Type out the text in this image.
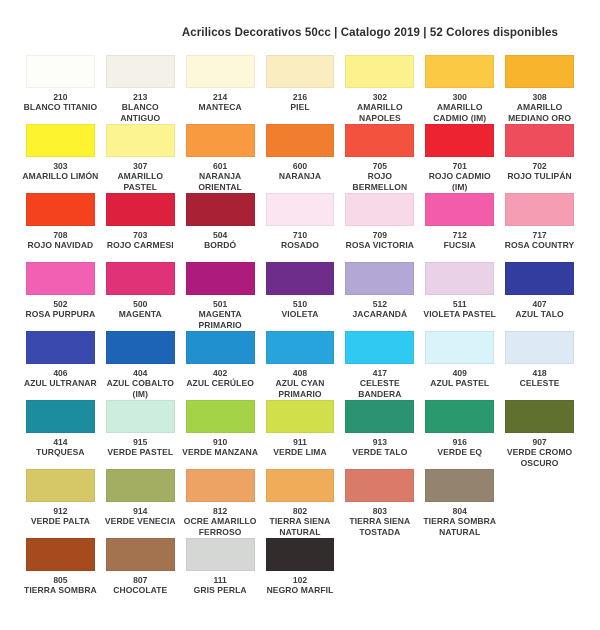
Acrilicos Decorativos 50cc | Catalogo 2019 | 52 Colores disponibles
210
BLANCO TITANIO
213
BLANCO ANTIGUO
214
MANTECA
216
PIEL
302
AMARILLO NAPOLES
300
AMARILLO CADMIO (IM)
308
AMARILLO MEDIANO ORO
303
AMARILLO LIMÓN
307
AMARILLO PASTEL
601
NARANJA ORIENTAL
600
NARANJA
705
ROJO BERMELLON
701
ROJO CADMIO (IM)
702
ROJO TULIPÁN
708
ROJO NAVIDAD
703
ROJO CARMESI
504
BORDÓ
710
ROSADO
709
ROSA VICTORIA
712
FUCSIA
717
ROSA COUNTRY
502
ROSA PURPURA
500
MAGENTA
501
MAGENTA PRIMARIO
510
VIOLETA
512
JACARANDÁ
511
VIOLETA PASTEL
407
AZUL TALO
406
AZUL ULTRANAR
404
AZUL COBALTO (IM)
402
AZUL CERÚLEO
408
AZUL CYAN PRIMARIO
417
CELESTE BANDERA
409
AZUL PASTEL
418
CELESTE
414
TURQUESA
915
VERDE PASTEL
910
VERDE MANZANA
911
VERDE LIMA
913
VERDE TALO
916
VERDE EQ
907
VERDE CROMO OSCURO
912
VERDE PALTA
914
VERDE VENECIA
812
OCRE AMARILLO FERROSO
802
TIERRA SIENA NATURAL
803
TIERRA SIENA TOSTADA
804
TIERRA SOMBRA NATURAL
805
TIERRA SOMBRA
807
CHOCOLATE
111
GRIS PERLA
102
NEGRO MARFIL
